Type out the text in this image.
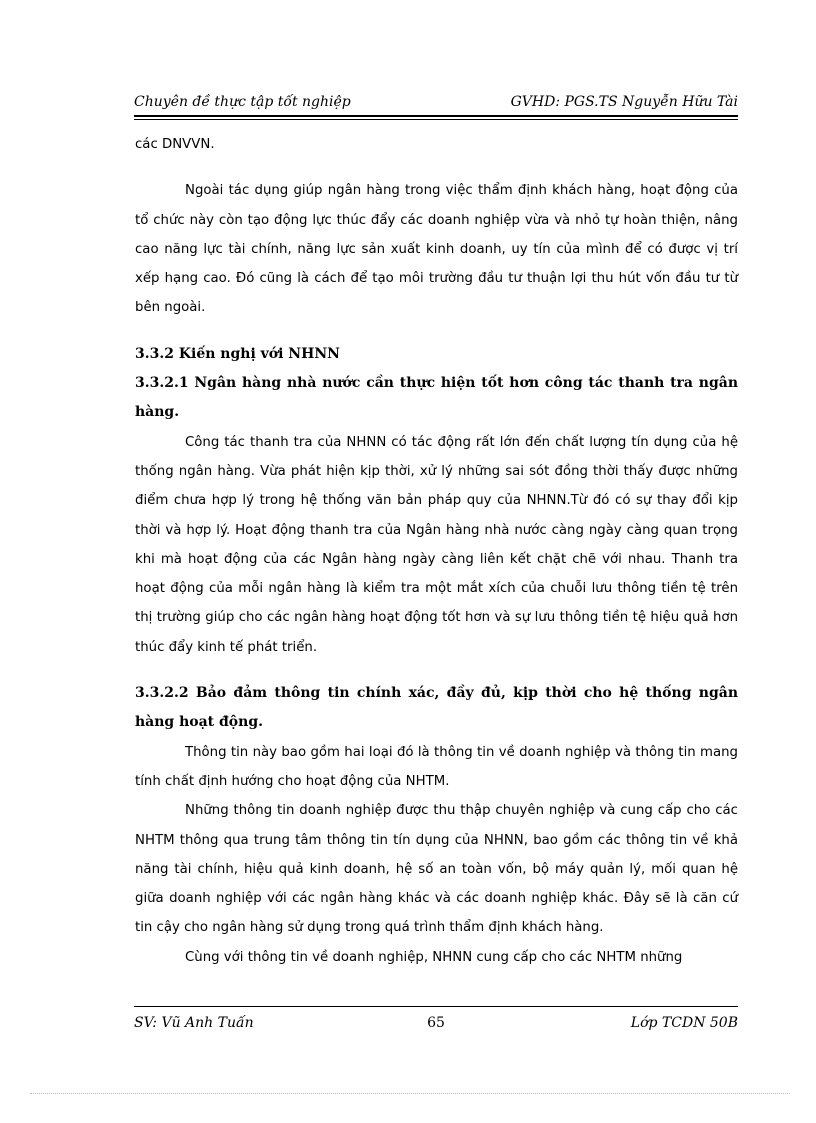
Chuyên đề thực tập tốt nghiệp	GVHD: PGS.TS Nguyễn Hữu Tài

các DNVVN.

Ngoài tác dụng giúp ngân hàng trong việc thẩm định khách hàng, hoạt động của tổ chức này còn tạo động lực thúc đẩy các doanh nghiệp vừa và nhỏ tự hoàn thiện, nâng cao năng lực tài chính, năng lực sản xuất kinh doanh, uy tín của mình để có được vị trí xếp hạng cao. Đó cũng là cách để tạo môi trường đầu tư thuận lợi thu hút vốn đầu tư từ bên ngoài.

3.3.2 Kiến nghị với NHNN
3.3.2.1 Ngân hàng nhà nước cần thực hiện tốt hơn công tác thanh tra ngân hàng.

Công tác thanh tra của NHNN có tác động rất lớn đến chất lượng tín dụng của hệ thống ngân hàng. Vừa phát hiện kịp thời, xử lý những sai sót đồng thời thấy được những điểm chưa hợp lý trong hệ thống văn bản pháp quy của NHNN.Từ đó có sự thay đổi kịp thời và hợp lý. Hoạt động thanh tra của Ngân hàng nhà nước càng ngày càng quan trọng khi mà hoạt động của các Ngân hàng ngày càng liên kết chặt chẽ với nhau. Thanh tra hoạt động của mỗi ngân hàng là kiểm tra một mắt xích của chuỗi lưu thông tiền tệ trên thị trường giúp cho các ngân hàng hoạt động tốt hơn và sự lưu thông tiền tệ hiệu quả hơn thúc đẩy kinh tế phát triển.

3.3.2.2 Bảo đảm thông tin chính xác, đầy đủ, kịp thời cho hệ thống ngân hàng hoạt động.

Thông tin này bao gồm hai loại đó là thông tin về doanh nghiệp và thông tin mang tính chất định hướng cho hoạt động của NHTM.

Những thông tin doanh nghiệp được thu thập chuyên nghiệp và cung cấp cho các NHTM thông qua trung tâm thông tin tín dụng của NHNN, bao gồm các thông tin về khả năng tài chính, hiệu quả kinh doanh, hệ số an toàn vốn, bộ máy quản lý, mối quan hệ giữa doanh nghiệp với các ngân hàng khác và các doanh nghiệp khác. Đây sẽ là căn cứ tin cậy cho ngân hàng sử dụng trong quá trình thẩm định khách hàng.

Cùng với thông tin về doanh nghiệp, NHNN cung cấp cho các NHTM những

SV: Vũ Anh Tuấn	65	Lớp TCDN 50B
